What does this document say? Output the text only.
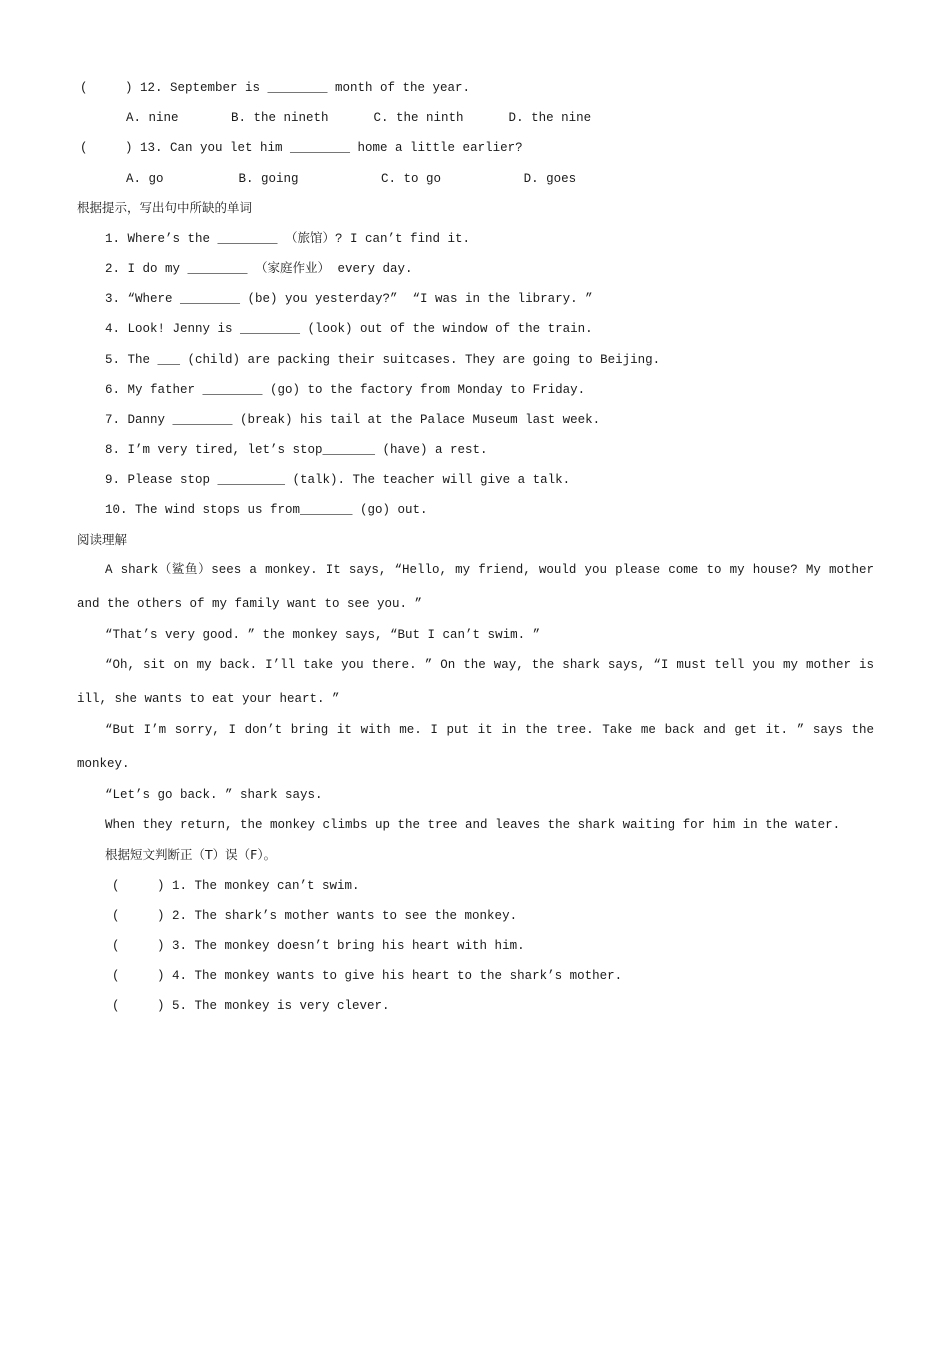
(     ) 12. September is ________ month of the year.
A. nine       B. the nineth      C. the ninth      D. the nine
(     ) 13. Can you let him ________ home a little earlier?
A. go          B. going           C. to go           D. goes
根据提示，写出句中所缺的单词
1. Where’s the ________ （旅馆）? I can’t find it.
2. I do my ________ （家庭作业） every day.
3. “Where ________ (be) you yesterday?”  “I was in the library. ”
4. Look! Jenny is ________ (look) out of the window of the train.
5. The ___ (child) are packing their suitcases. They are going to Beijing.
6. My father ________ (go) to the factory from Monday to Friday.
7. Danny ________ (break) his tail at the Palace Museum last week.
8. I’m very tired, let’s stop_______ (have) a rest.
9. Please stop _________ (talk). The teacher will give a talk.
10. The wind stops us from_______ (go) out.
阅读理解

A shark（鲨鱼）sees a monkey. It says, “Hello, my friend, would you please come to my house? My mother and the others of my family want to see you. ”

“That’s very good. ” the monkey says, “But I can’t swim. ”

“Oh, sit on my back. I’ll take you there. ” On the way, the shark says, “I must tell you my mother is ill, she wants to eat your heart. ”

“But I’m sorry, I don’t bring it with me. I put it in the tree. Take me back and get it. ” says the monkey.

“Let’s go back. ” shark says.

When they return, the monkey climbs up the tree and leaves the shark waiting for him in the water.

根据短文判断正（T）误（F）。
(     ) 1. The monkey can’t swim.
(     ) 2. The shark’s mother wants to see the monkey.
(     ) 3. The monkey doesn’t bring his heart with him.
(     ) 4. The monkey wants to give his heart to the shark’s mother.
(     ) 5. The monkey is very clever.
